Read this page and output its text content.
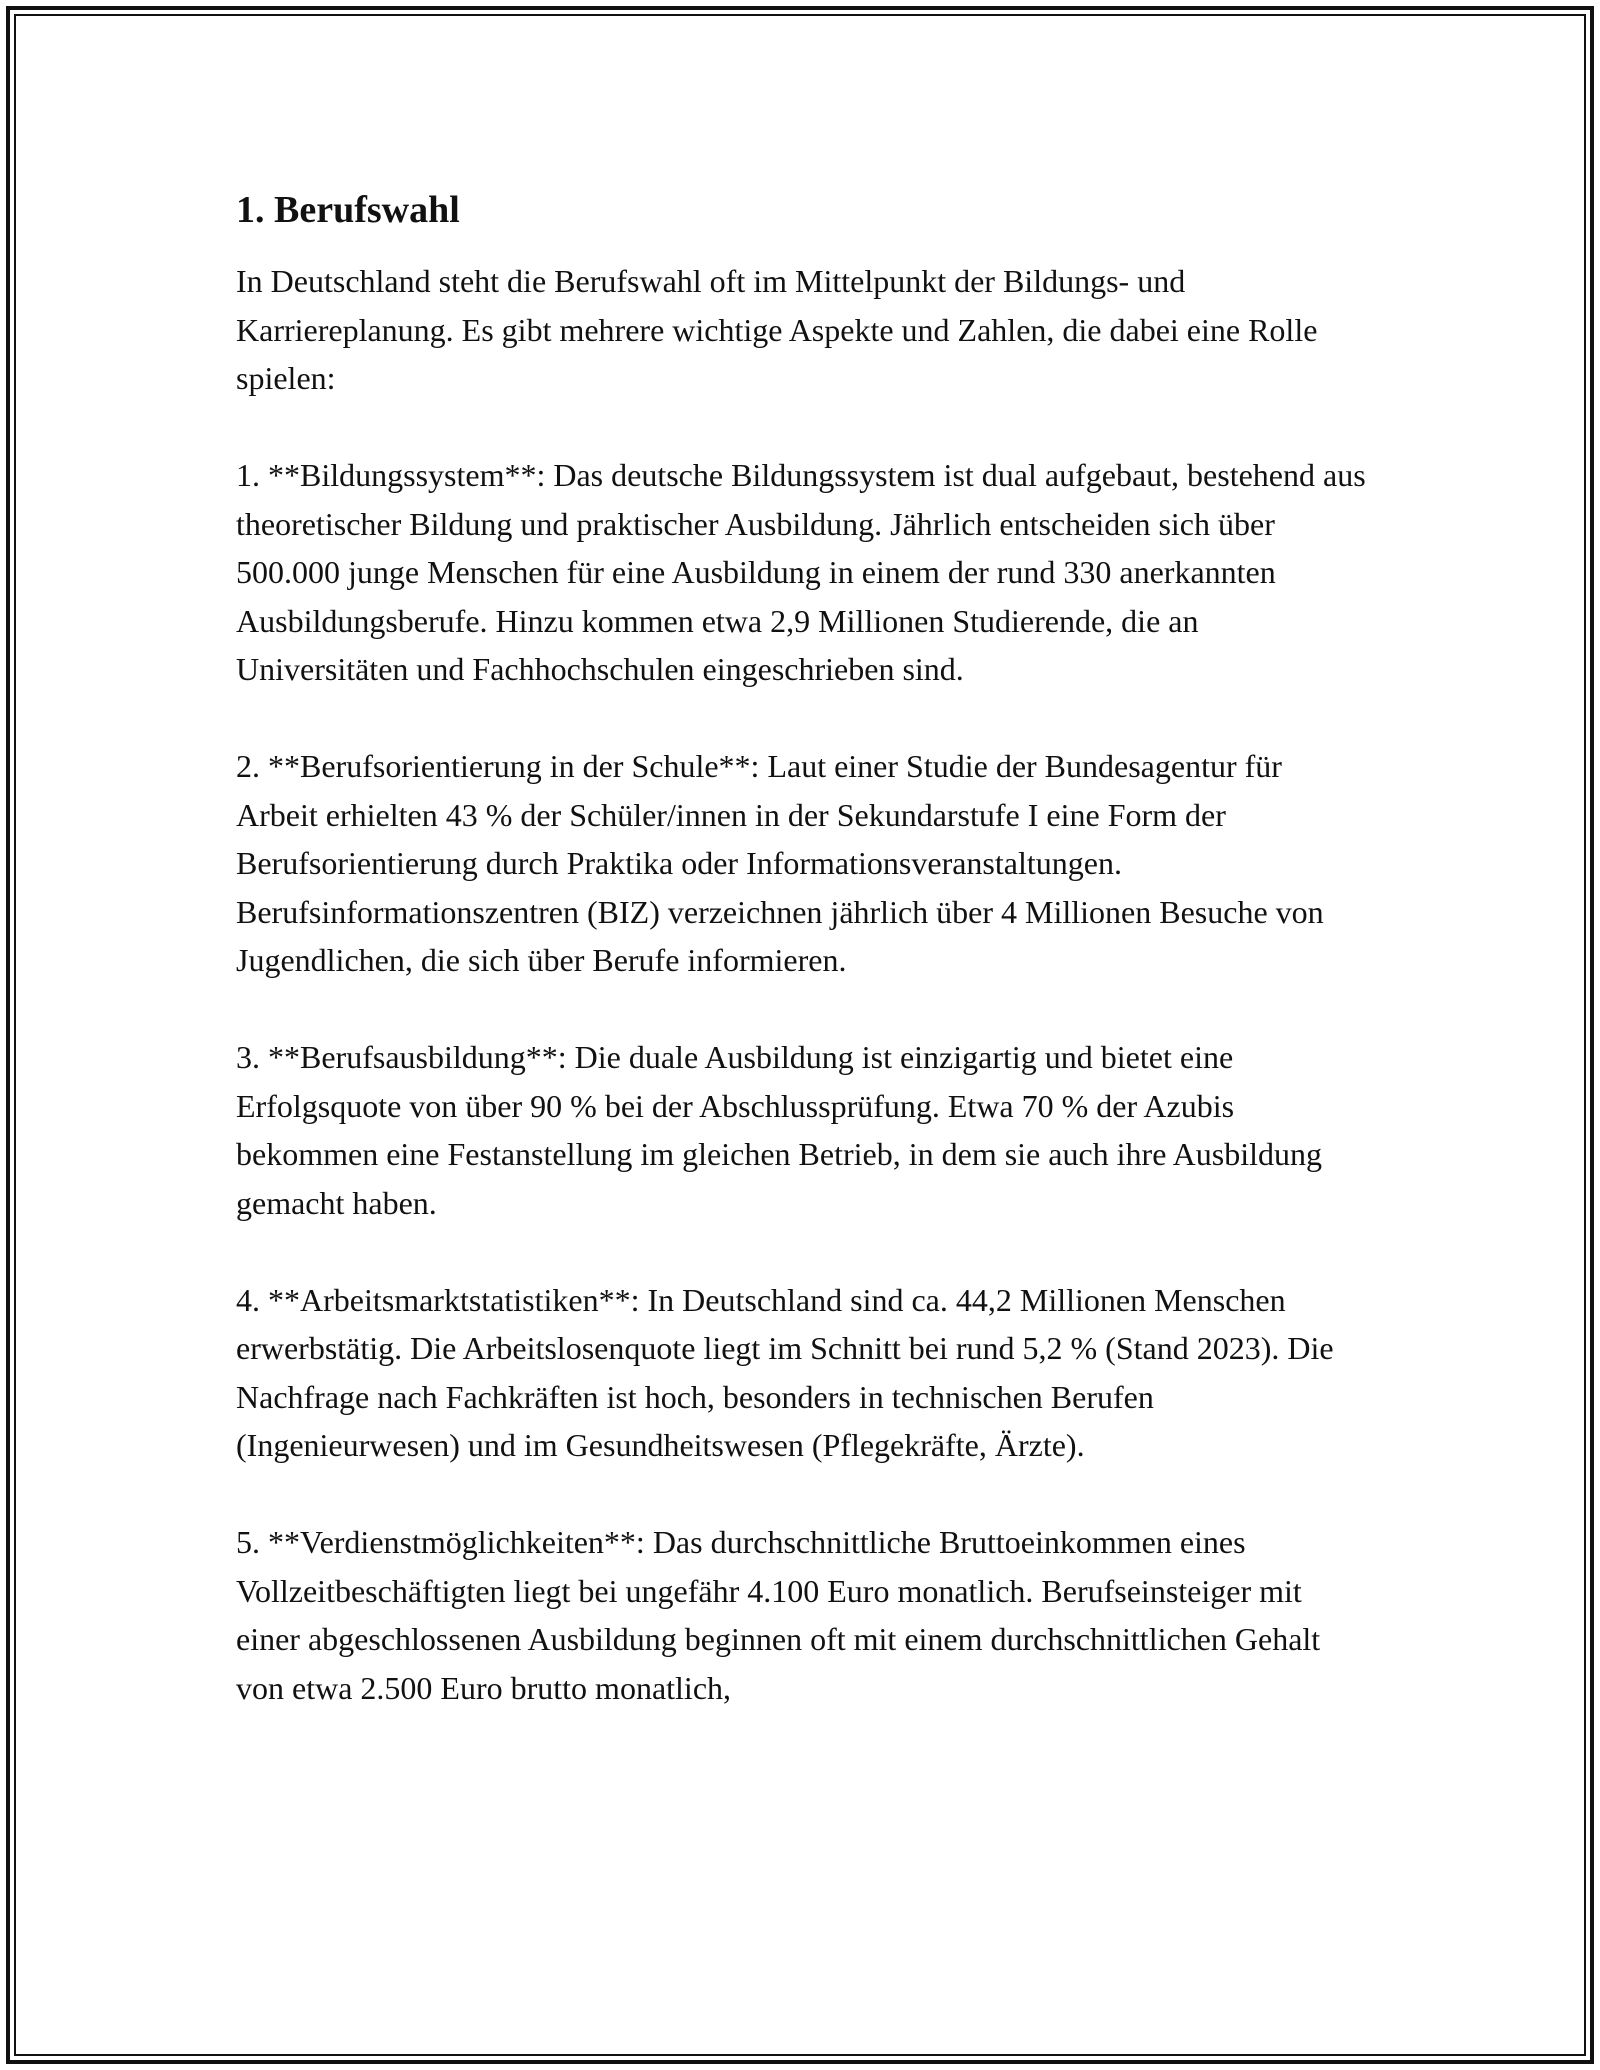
1. Berufswahl

In Deutschland steht die Berufswahl oft im Mittelpunkt der Bildungs- und Karriereplanung. Es gibt mehrere wichtige Aspekte und Zahlen, die dabei eine Rolle spielen:

1. **Bildungssystem**: Das deutsche Bildungssystem ist dual aufgebaut, bestehend aus theoretischer Bildung und praktischer Ausbildung. Jährlich entscheiden sich über 500.000 junge Menschen für eine Ausbildung in einem der rund 330 anerkannten Ausbildungsberufe. Hinzu kommen etwa 2,9 Millionen Studierende, die an Universitäten und Fachhochschulen eingeschrieben sind.

2. **Berufsorientierung in der Schule**: Laut einer Studie der Bundesagentur für Arbeit erhielten 43 % der Schüler/innen in der Sekundarstufe I eine Form der Berufsorientierung durch Praktika oder Informationsveranstaltungen. Berufsinformationszentren (BIZ) verzeichnen jährlich über 4 Millionen Besuche von Jugendlichen, die sich über Berufe informieren.

3. **Berufsausbildung**: Die duale Ausbildung ist einzigartig und bietet eine Erfolgsquote von über 90 % bei der Abschlussprüfung. Etwa 70 % der Azubis bekommen eine Festanstellung im gleichen Betrieb, in dem sie auch ihre Ausbildung gemacht haben.

4. **Arbeitsmarktstatistiken**: In Deutschland sind ca. 44,2 Millionen Menschen erwerbstätig. Die Arbeitslosenquote liegt im Schnitt bei rund 5,2 % (Stand 2023). Die Nachfrage nach Fachkräften ist hoch, besonders in technischen Berufen (Ingenieurwesen) und im Gesundheitswesen (Pflegekräfte, Ärzte).

5. **Verdienstmöglichkeiten**: Das durchschnittliche Bruttoeinkommen eines Vollzeitbeschäftigten liegt bei ungefähr 4.100 Euro monatlich. Berufseinsteiger mit einer abgeschlossenen Ausbildung beginnen oft mit einem durchschnittlichen Gehalt von etwa 2.500 Euro brutto monatlich,
